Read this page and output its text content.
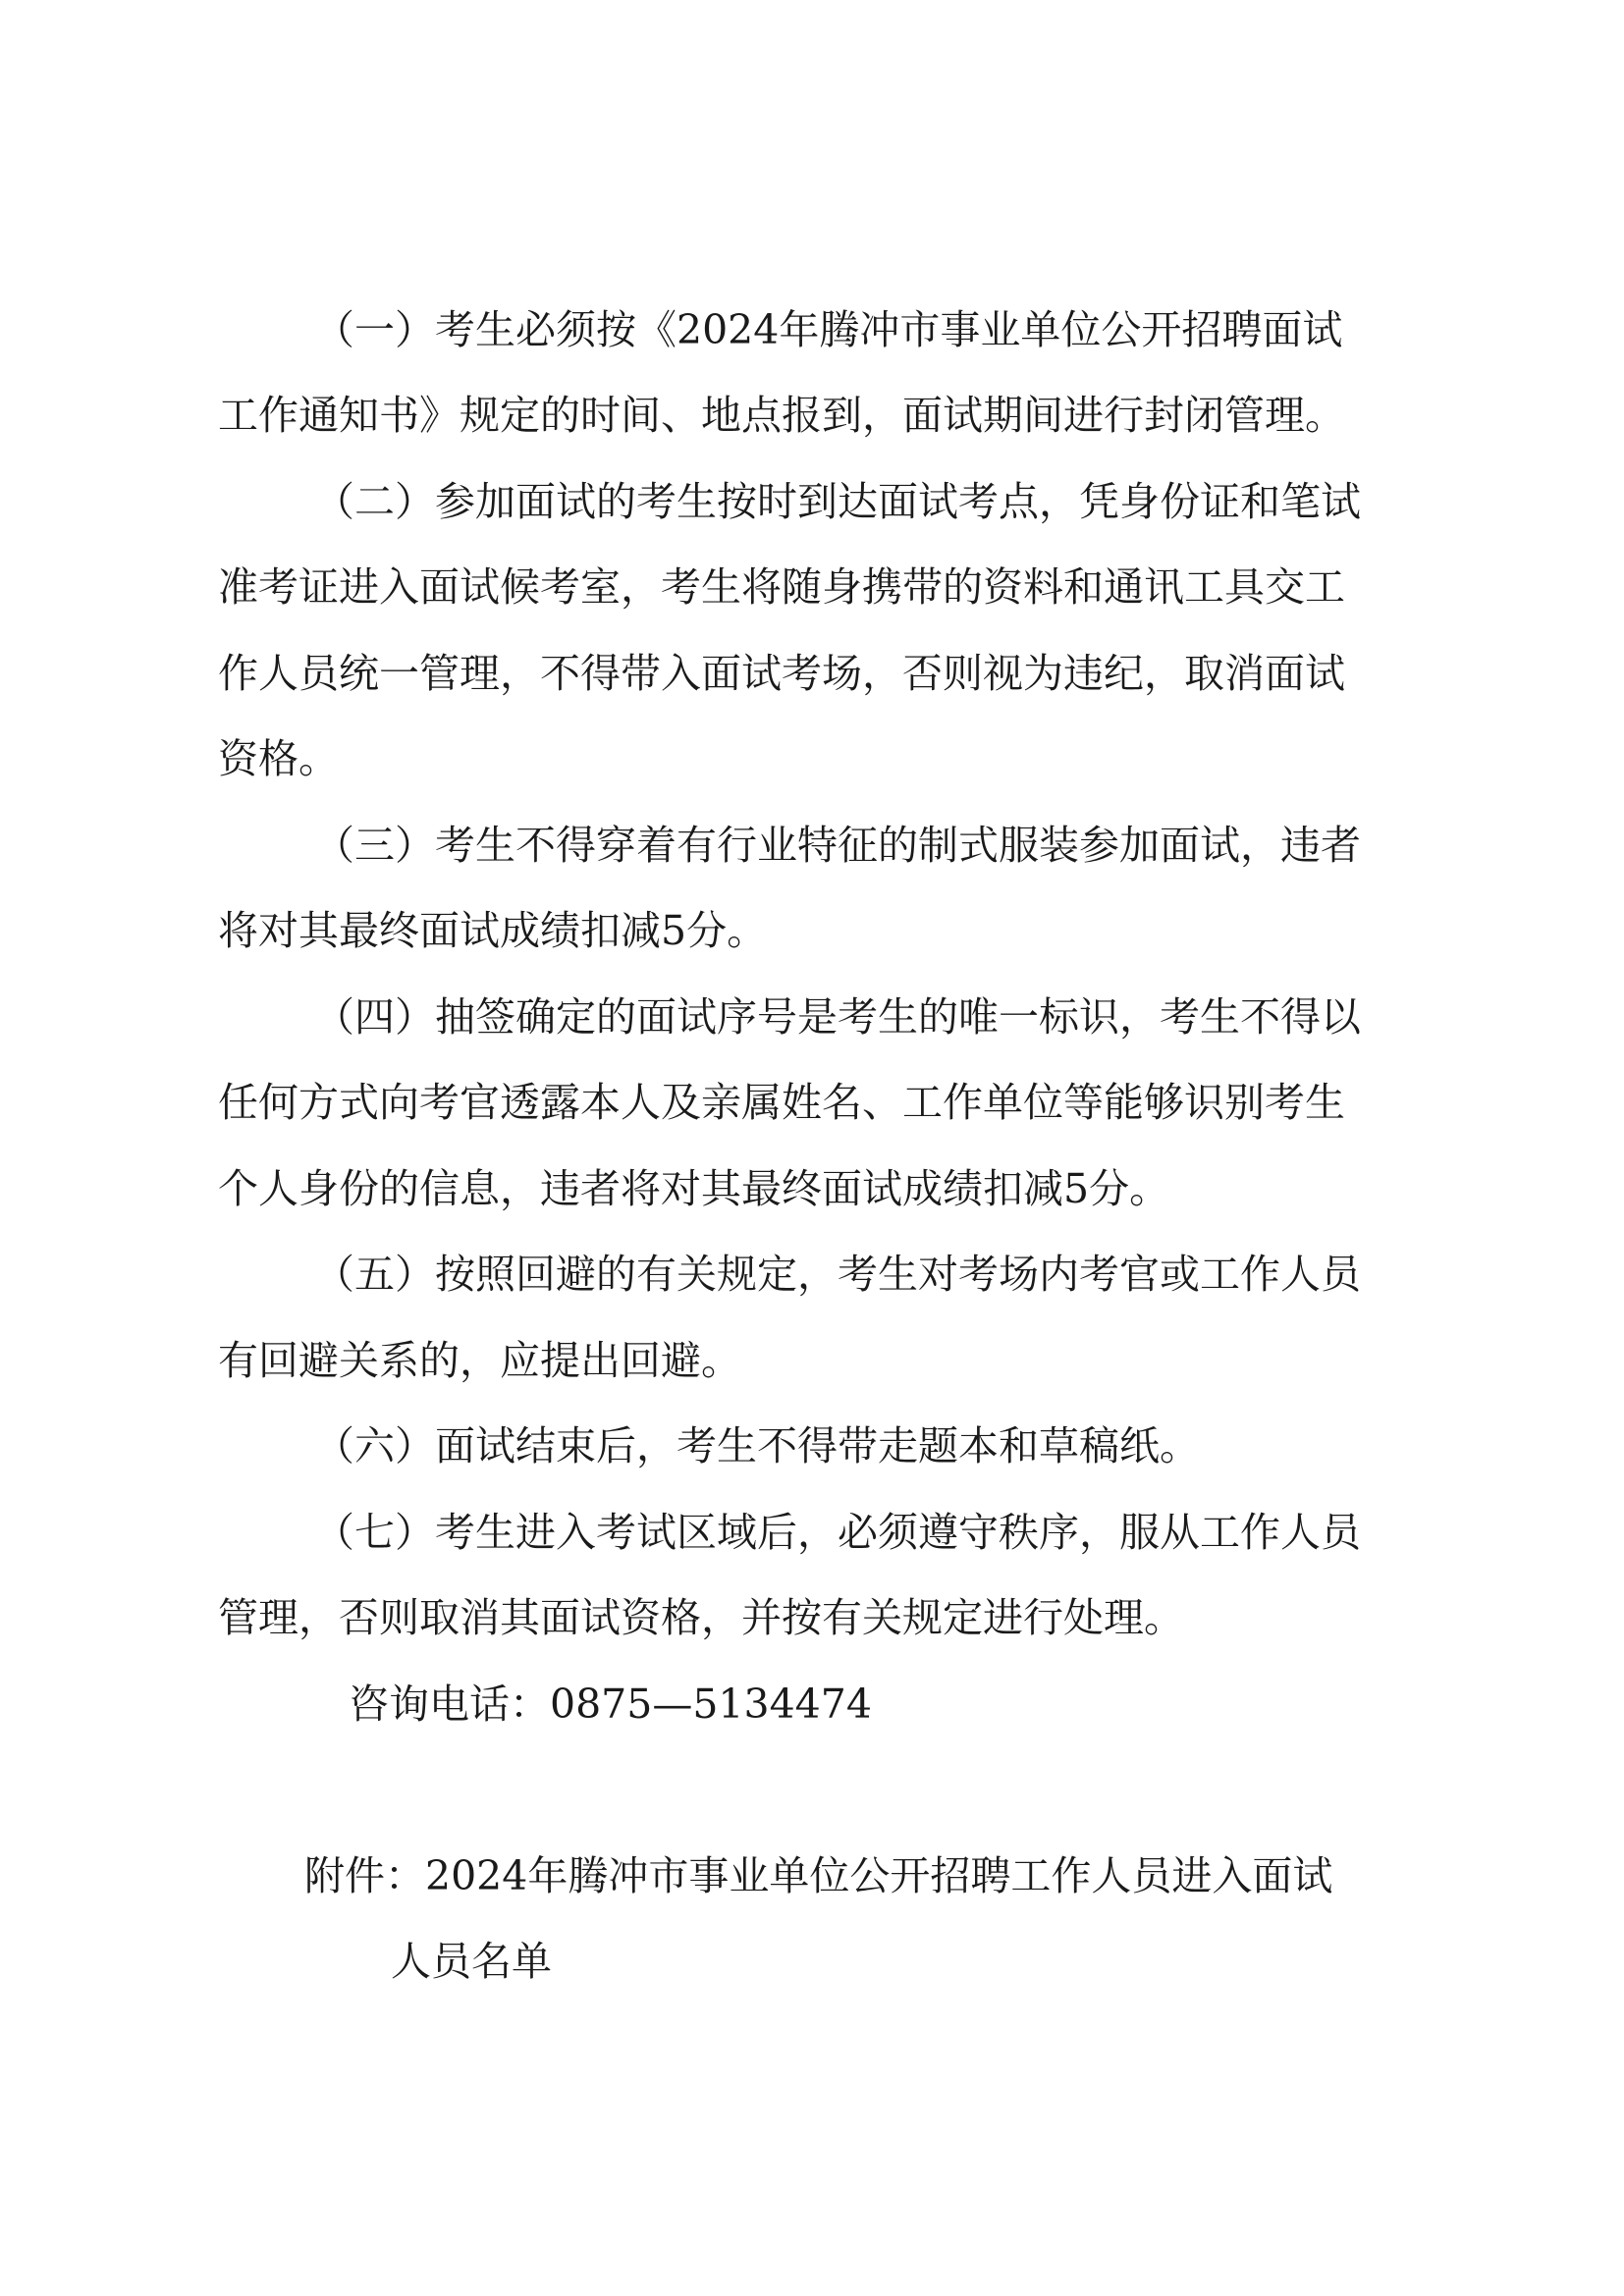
（一）考生必须按《2024年腾冲市事业单位公开招聘面试
工作通知书》规定的时间、地点报到，面试期间进行封闭管理。
（二）参加面试的考生按时到达面试考点，凭身份证和笔试
准考证进入面试候考室，考生将随身携带的资料和通讯工具交工
作人员统一管理，不得带入面试考场，否则视为违纪，取消面试
资格。
（三）考生不得穿着有行业特征的制式服装参加面试，违者
将对其最终面试成绩扣减5分。
（四）抽签确定的面试序号是考生的唯一标识，考生不得以
任何方式向考官透露本人及亲属姓名、工作单位等能够识别考生
个人身份的信息，违者将对其最终面试成绩扣减5分。
（五）按照回避的有关规定，考生对考场内考官或工作人员
有回避关系的，应提出回避。
（六）面试结束后，考生不得带走题本和草稿纸。
（七）考生进入考试区域后，必须遵守秩序，服从工作人员
管理，否则取消其面试资格，并按有关规定进行处理。
咨询电话：0875—5134474
附件：2024年腾冲市事业单位公开招聘工作人员进入面试
人员名单
